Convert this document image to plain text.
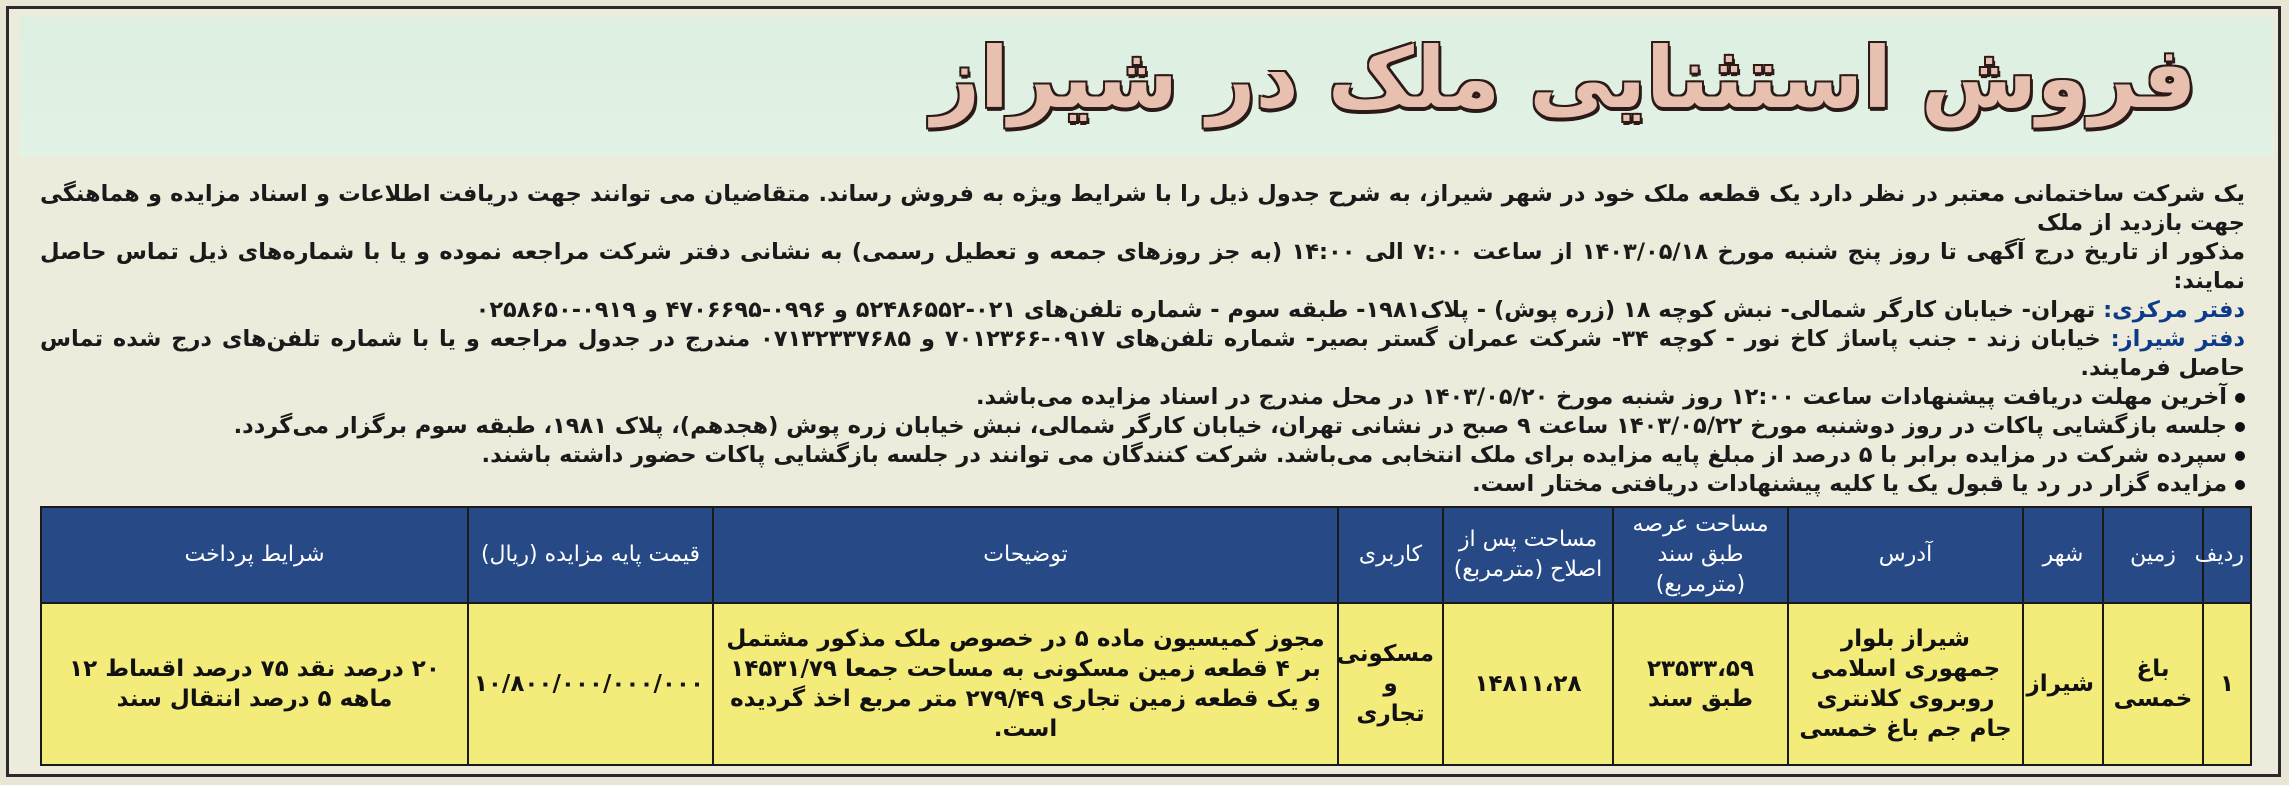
فروش استثنایی ملک در شیراز

یک شرکت ساختمانی معتبر در نظر دارد یک قطعه ملک خود در شهر شیراز، به شرح جدول ذیل را با شرایط ویژه به فروش رساند. متقاضیان می توانند جهت دریافت اطلاعات و اسناد مزایده و هماهنگی جهت بازدید از ملک

مذکور از تاریخ درج آگهی تا روز پنج شنبه مورخ ۱۴۰۳/۰۵/۱۸ از ساعت ۷:۰۰ الی ۱۴:۰۰ (به جز روزهای جمعه و تعطیل رسمی) به نشانی دفتر شرکت مراجعه نموده و یا با شماره‌های ذیل تماس حاصل نمایند:

دفتر مرکزی: تهران- خیابان کارگر شمالی- نبش کوچه ۱۸ (زره پوش) - پلاک۱۹۸۱- طبقه سوم - شماره تلفن‌های ۰۲۱-۵۲۴۸۶۵۵۲ و ۰۹۹۶-۴۷۰۶۶۹۵ و ۰۹۱۹-۰۲۵۸۶۵۰

دفتر شیراز: خیابان زند - جنب پاساژ کاخ نور - کوچه ۳۴- شرکت عمران گستر بصیر- شماره تلفن‌های ۰۹۱۷-۷۰۱۲۳۶۶ و ۰۷۱۳۲۳۳۷۶۸۵ مندرج در جدول مراجعه و یا با شماره تلفن‌های درج شده تماس حاصل فرمایند.

آخرین مهلت دریافت پیشنهادات ساعت ۱۲:۰۰ روز شنبه مورخ ۱۴۰۳/۰۵/۲۰ در محل مندرج در اسناد مزایده می‌باشد.

جلسه بازگشایی پاکات در روز دوشنبه مورخ ۱۴۰۳/۰۵/۲۲ ساعت ۹ صبح در نشانی تهران، خیابان کارگر شمالی، نبش خیابان زره پوش (هجدهم)، پلاک ۱۹۸۱، طبقه سوم برگزار می‌گردد.

سپرده شرکت در مزایده برابر با ۵ درصد از مبلغ پایه مزایده برای ملک انتخابی می‌باشد. شرکت کنندگان می توانند در جلسه بازگشایی پاکات حضور داشته باشند.

مزایده گزار در رد یا قبول یک یا کلیه پیشنهادات دریافتی مختار است.

ردیف	زمین	شهر	آدرس	مساحت عرصه طبق سند (مترمربع)	مساحت پس از اصلاح (مترمربع)	کاربری	توضیحات	قیمت پایه مزایده (ریال)	شرایط پرداخت
۱	باغ خمسی	شیراز	شیراز بلوار جمهوری اسلامی روبروی کلانتری جام جم باغ خمسی	۲۳۵۳۳،۵۹ طبق سند	۱۴۸۱۱،۲۸	مسکونی و تجاری	مجوز کمیسیون ماده ۵ در خصوص ملک مذکور مشتمل بر ۴ قطعه زمین مسکونی به مساحت جمعا ۱۴۵۳۱/۷۹ و یک قطعه زمین تجاری ۲۷۹/۴۹ متر مربع اخذ گردیده است.	۱۰/۸۰۰/۰۰۰/۰۰۰/۰۰۰	۲۰ درصد نقد ۷۵ درصد اقساط ۱۲ ماهه ۵ درصد انتقال سند
